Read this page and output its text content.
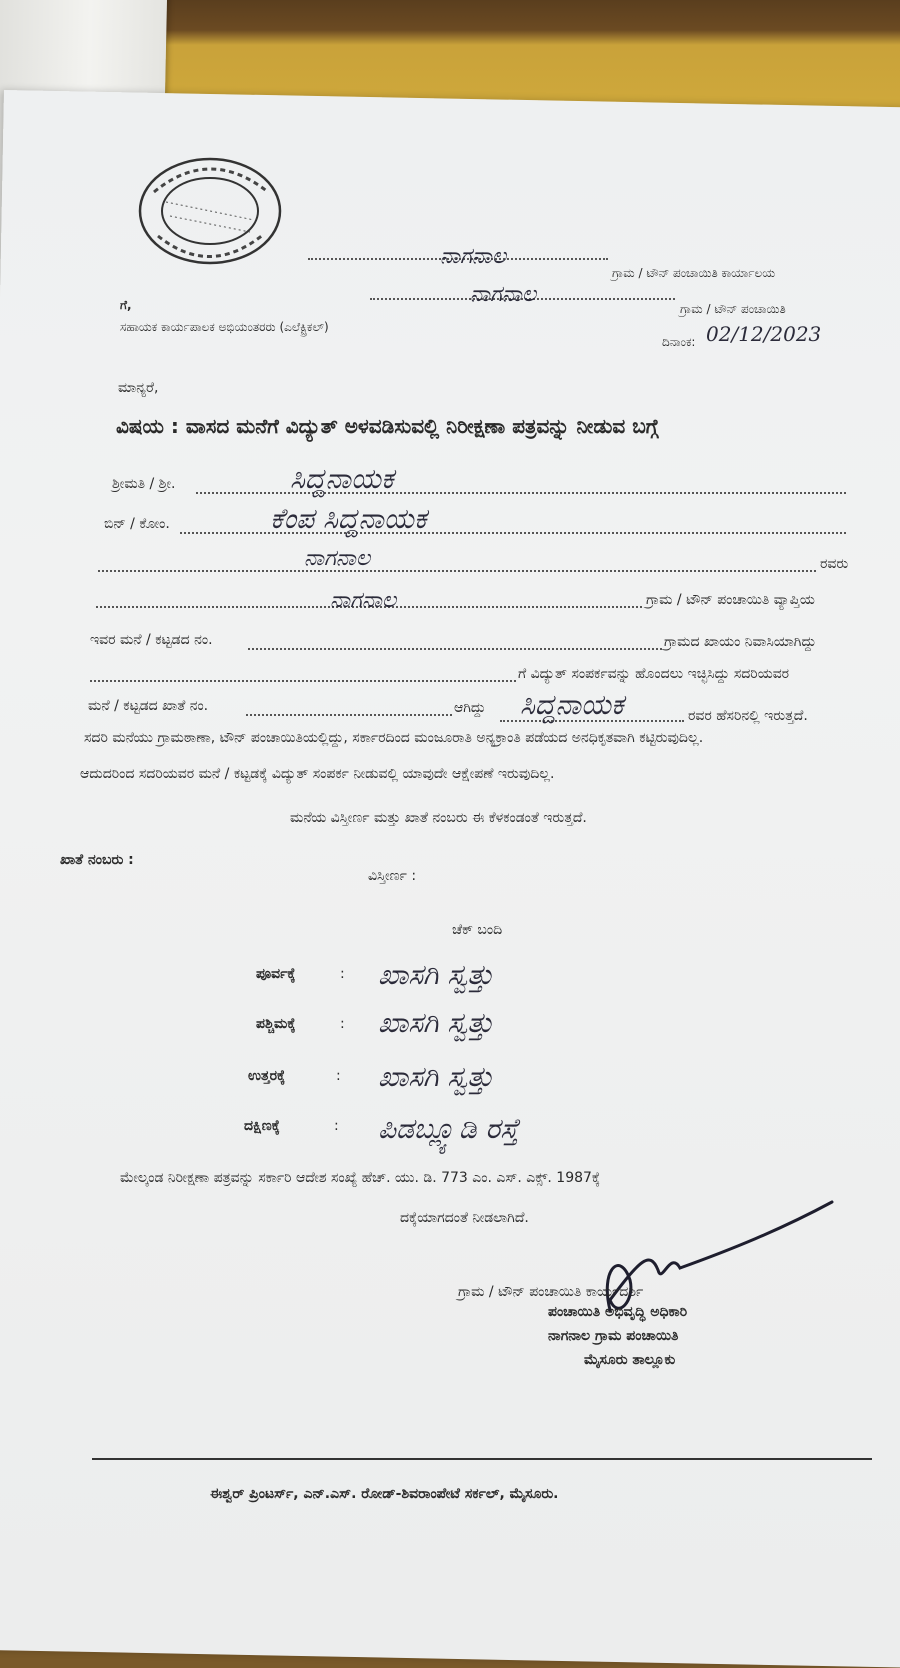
ನಾಗನಾಲ
ಗ್ರಾಮ / ಟೌನ್ ಪಂಚಾಯಿತಿ ಕಾರ್ಯಾಲಯ
ನಾಗನಾಲ
ಗ್ರಾಮ / ಟೌನ್ ಪಂಚಾಯಿತಿ
ಗೆ,
ಸಹಾಯಕ ಕಾರ್ಯಪಾಲಕ ಅಭಿಯಂತರರು (ಎಲೆಕ್ಟ್ರಿಕಲ್)
ದಿನಾಂಕ: 02/12/2023
ಮಾನ್ಯರೆ,
ವಿಷಯ : ವಾಸದ ಮನೆಗೆ ವಿದ್ಯುತ್ ಅಳವಡಿಸುವಲ್ಲಿ ನಿರೀಕ್ಷಣಾ ಪತ್ರವನ್ನು ನೀಡುವ ಬಗ್ಗೆ
ಶ್ರೀಮತಿ / ಶ್ರೀ.	ಸಿದ್ದನಾಯಕ
ಬಿನ್ / ಕೋಂ.	ಕೆಂಪ ಸಿದ್ದನಾಯಕ
ನಾಗನಾಲ	ರವರು
ನಾಗನಾಲ	ಗ್ರಾಮ / ಟೌನ್ ಪಂಚಾಯಿತಿ ವ್ಯಾಪ್ತಿಯ
ಇವರ ಮನೆ / ಕಟ್ಟಡದ ನಂ.	ಗ್ರಾಮದ ಖಾಯಂ ನಿವಾಸಿಯಾಗಿದ್ದು
ಗೆ ವಿದ್ಯುತ್ ಸಂಪರ್ಕವನ್ನು ಹೊಂದಲು ಇಚ್ಛಿಸಿದ್ದು ಸದರಿಯವರ
ಮನೆ / ಕಟ್ಟಡದ ಖಾತೆ ನಂ.	ಆಗಿದ್ದು ಸಿದ್ದನಾಯಕ	ರವರ ಹೆಸರಿನಲ್ಲಿ ಇರುತ್ತದೆ.
ಸದರಿ ಮನೆಯು ಗ್ರಾಮಠಾಣಾ, ಟೌನ್ ಪಂಚಾಯಿತಿಯಲ್ಲಿದ್ದು, ಸರ್ಕಾರದಿಂದ ಮಂಜೂರಾತಿ ಅನ್ಯಕ್ರಾಂತಿ ಪಡೆಯದ ಅನಧಿಕೃತವಾಗಿ ಕಟ್ಟಿರುವುದಿಲ್ಲ.
ಆದುದರಿಂದ ಸದರಿಯವರ ಮನೆ / ಕಟ್ಟಡಕ್ಕೆ ವಿದ್ಯುತ್ ಸಂಪರ್ಕ ನೀಡುವಲ್ಲಿ ಯಾವುದೇ ಆಕ್ಷೇಪಣೆ ಇರುವುದಿಲ್ಲ.
ಮನೆಯ ವಿಸ್ತೀರ್ಣ ಮತ್ತು ಖಾತೆ ನಂಬರು ಈ ಕೆಳಕಂಡಂತೆ ಇರುತ್ತದೆ.
ಖಾತೆ ನಂಬರು :
ವಿಸ್ತೀರ್ಣ :
ಚೆಕ್ ಬಂದಿ
ಪೂರ್ವಕ್ಕೆ	: ಖಾಸಗಿ ಸ್ವತ್ತು
ಪಶ್ಚಿಮಕ್ಕೆ	: ಖಾಸಗಿ ಸ್ವತ್ತು
ಉತ್ತರಕ್ಕೆ	: ಖಾಸಗಿ ಸ್ವತ್ತು
ದಕ್ಷಿಣಕ್ಕೆ	: ಪಿಡಬ್ಲ್ಯೂಡಿ ರಸ್ತೆ
ಮೇಲ್ಕಂಡ ನಿರೀಕ್ಷಣಾ ಪತ್ರವನ್ನು ಸರ್ಕಾರಿ ಆದೇಶ ಸಂಖ್ಯೆ ಹೆಚ್. ಯು. ಡಿ. 773 ಎಂ. ಎಸ್. ಎಕ್ಸ್. 1987ಕ್ಕೆ
ದಕ್ಕೆಯಾಗದಂತೆ ನೀಡಲಾಗಿದೆ.
ಗ್ರಾಮ / ಟೌನ್ ಪಂಚಾಯಿತಿ ಕಾರ್ಯದರ್ಶಿ
ಪಂಚಾಯಿತಿ ಅಭಿವೃದ್ಧಿ ಅಧಿಕಾರಿ
ನಾಗನಾಲ ಗ್ರಾಮ ಪಂಚಾಯಿತಿ
ಮೈಸೂರು ತಾಲ್ಲೂಕು
ಈಶ್ವರ್ ಪ್ರಿಂಟರ್ಸ್, ಎನ್.ಎಸ್. ರೋಡ್-ಶಿವರಾಂಪೇಟೆ ಸರ್ಕಲ್, ಮೈಸೂರು.
